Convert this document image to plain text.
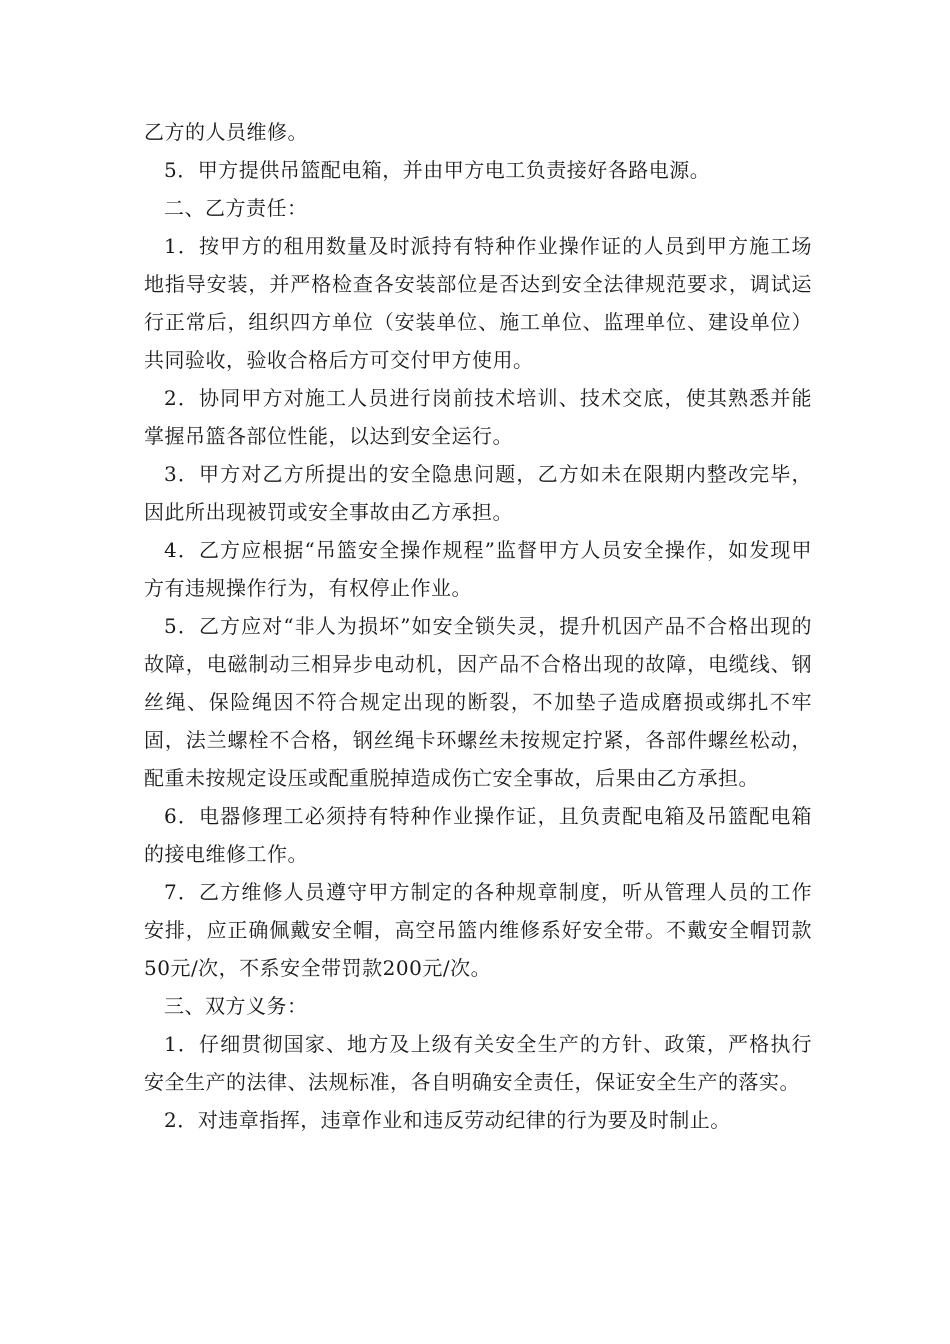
乙方的人员维修。

5．甲方提供吊篮配电箱，并由甲方电工负责接好各路电源。

二、乙方责任：

1．按甲方的租用数量及时派持有特种作业操作证的人员到甲方施工场地指导安装，并严格检查各安装部位是否达到安全法律规范要求，调试运行正常后，组织四方单位（安装单位、施工单位、监理单位、建设单位）共同验收，验收合格后方可交付甲方使用。

2．协同甲方对施工人员进行岗前技术培训、技术交底，使其熟悉并能掌握吊篮各部位性能，以达到安全运行。

3．甲方对乙方所提出的安全隐患问题，乙方如未在限期内整改完毕，因此所出现被罚或安全事故由乙方承担。

4．乙方应根据“吊篮安全操作规程”监督甲方人员安全操作，如发现甲方有违规操作行为，有权停止作业。

5．乙方应对“非人为损坏”如安全锁失灵，提升机因产品不合格出现的故障，电磁制动三相异步电动机，因产品不合格出现的故障，电缆线、钢丝绳、保险绳因不符合规定出现的断裂，不加垫子造成磨损或绑扎不牢固，法兰螺栓不合格，钢丝绳卡环螺丝未按规定拧紧，各部件螺丝松动，配重未按规定设压或配重脱掉造成伤亡安全事故，后果由乙方承担。

6．电器修理工必须持有特种作业操作证，且负责配电箱及吊篮配电箱的接电维修工作。

7．乙方维修人员遵守甲方制定的各种规章制度，听从管理人员的工作安排，应正确佩戴安全帽，高空吊篮内维修系好安全带。不戴安全帽罚款50元/次，不系安全带罚款200元/次。

三、双方义务：

1．仔细贯彻国家、地方及上级有关安全生产的方针、政策，严格执行安全生产的法律、法规标准，各自明确安全责任，保证安全生产的落实。

2．对违章指挥，违章作业和违反劳动纪律的行为要及时制止。
